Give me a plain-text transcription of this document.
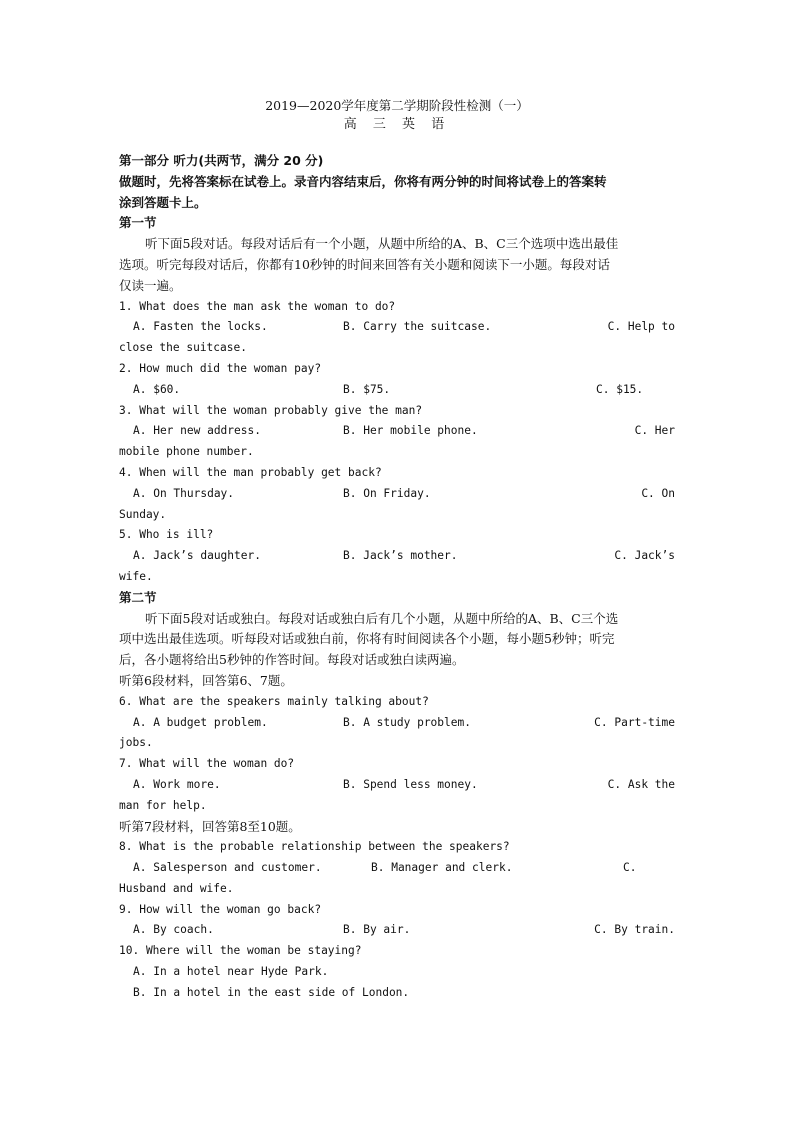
2019—2020学年度第二学期阶段性检测（一）
高 三 英 语
第一部分 听力(共两节，满分 20 分)
做题时，先将答案标在试卷上。录音内容结束后，你将有两分钟的时间将试卷上的答案转
涂到答题卡上。
第一节
听下面5段对话。每段对话后有一个小题，从题中所给的A、B、C三个选项中选出最佳
选项。听完每段对话后，你都有10秒钟的时间来回答有关小题和阅读下一小题。每段对话
仅读一遍。
1. What does the man ask the woman to do?
A. Fasten the locks.	B. Carry the suitcase.	C. Help to
close the suitcase.
2. How much did the woman pay?
A. $60.	B. $75.	C. $15.
3. What will the woman probably give the man?
A. Her new address.	B. Her mobile phone.	C. Her
mobile phone number.
4. When will the man probably get back?
A. On Thursday.	B. On Friday.	C. On
Sunday.
5. Who is ill?
A. Jack’s daughter.	B. Jack’s mother.	C. Jack’s
wife.
第二节
听下面5段对话或独白。每段对话或独白后有几个小题，从题中所给的A、B、C三个选
项中选出最佳选项。听每段对话或独白前，你将有时间阅读各个小题，每小题5秒钟；听完
后，各小题将给出5秒钟的作答时间。每段对话或独白读两遍。
听第6段材料，回答第6、7题。
6. What are the speakers mainly talking about?
A. A budget problem.	B. A study problem.	C. Part-time
jobs.
7. What will the woman do?
A. Work more.	B. Spend less money.	C. Ask the
man for help.
听第7段材料，回答第8至10题。
8. What is the probable relationship between the speakers?
A. Salesperson and customer.	B. Manager and clerk.	C.
Husband and wife.
9. How will the woman go back?
A. By coach.	B. By air.	C. By train.
10. Where will the woman be staying?
A. In a hotel near Hyde Park.
B. In a hotel in the east side of London.
